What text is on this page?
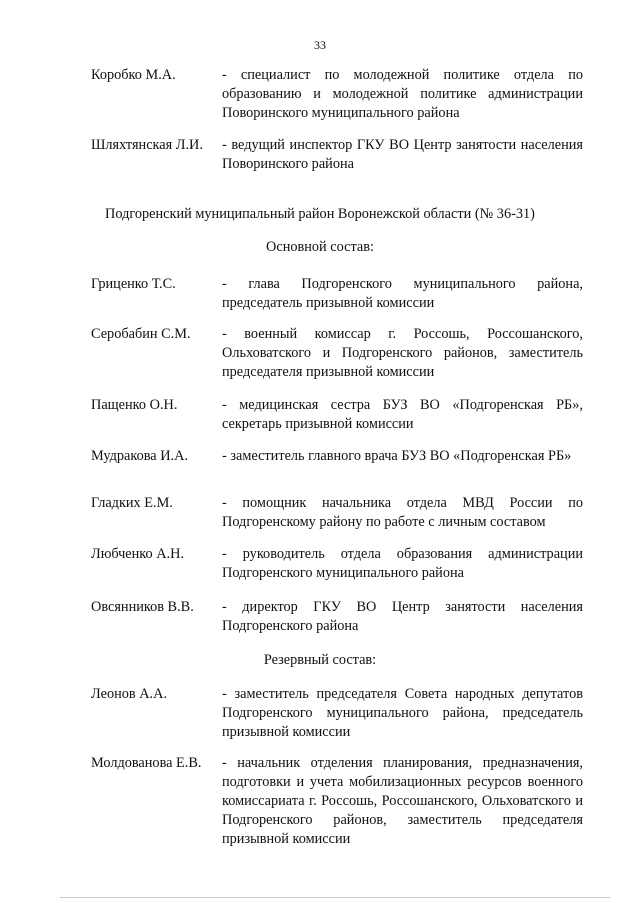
33
Коробко М.А.	- специалист по молодежной политике отдела по образованию и молодежной политике администрации Поворинского муниципального района
Шляхтянская Л.И. - ведущий инспектор ГКУ ВО Центр занятости населения Поворинского района
Подгоренский муниципальный район Воронежской области (№ 36-31)
Основной состав:
Гриценко Т.С.	- глава Подгоренского муниципального района, председатель призывной комиссии
Серобабин С.М. - военный комиссар г. Россошь, Россошанского, Ольховатского и Подгоренского районов, заместитель председателя призывной комиссии
Пащенко О.Н.	- медицинская сестра БУЗ ВО «Подгоренская РБ», секретарь призывной комиссии
Мудракова И.А. - заместитель главного врача БУЗ ВО «Подгоренская РБ»
Гладких Е.М.	- помощник начальника отдела МВД России по Подгоренскому району по работе с личным составом
Любченко А.Н.	- руководитель отдела образования администрации Подгоренского муниципального района
Овсянников В.В. - директор ГКУ ВО Центр занятости населения Подгоренского района
Резервный состав:
Леонов А.А.	- заместитель председателя Совета народных депутатов Подгоренского муниципального района, председатель призывной комиссии
Молдованова Е.В. - начальник отделения планирования, предназначения, подготовки и учета мобилизационных ресурсов военного комиссариата г. Россошь, Россошанского, Ольховатского и Подгоренского районов, заместитель председателя призывной комиссии
